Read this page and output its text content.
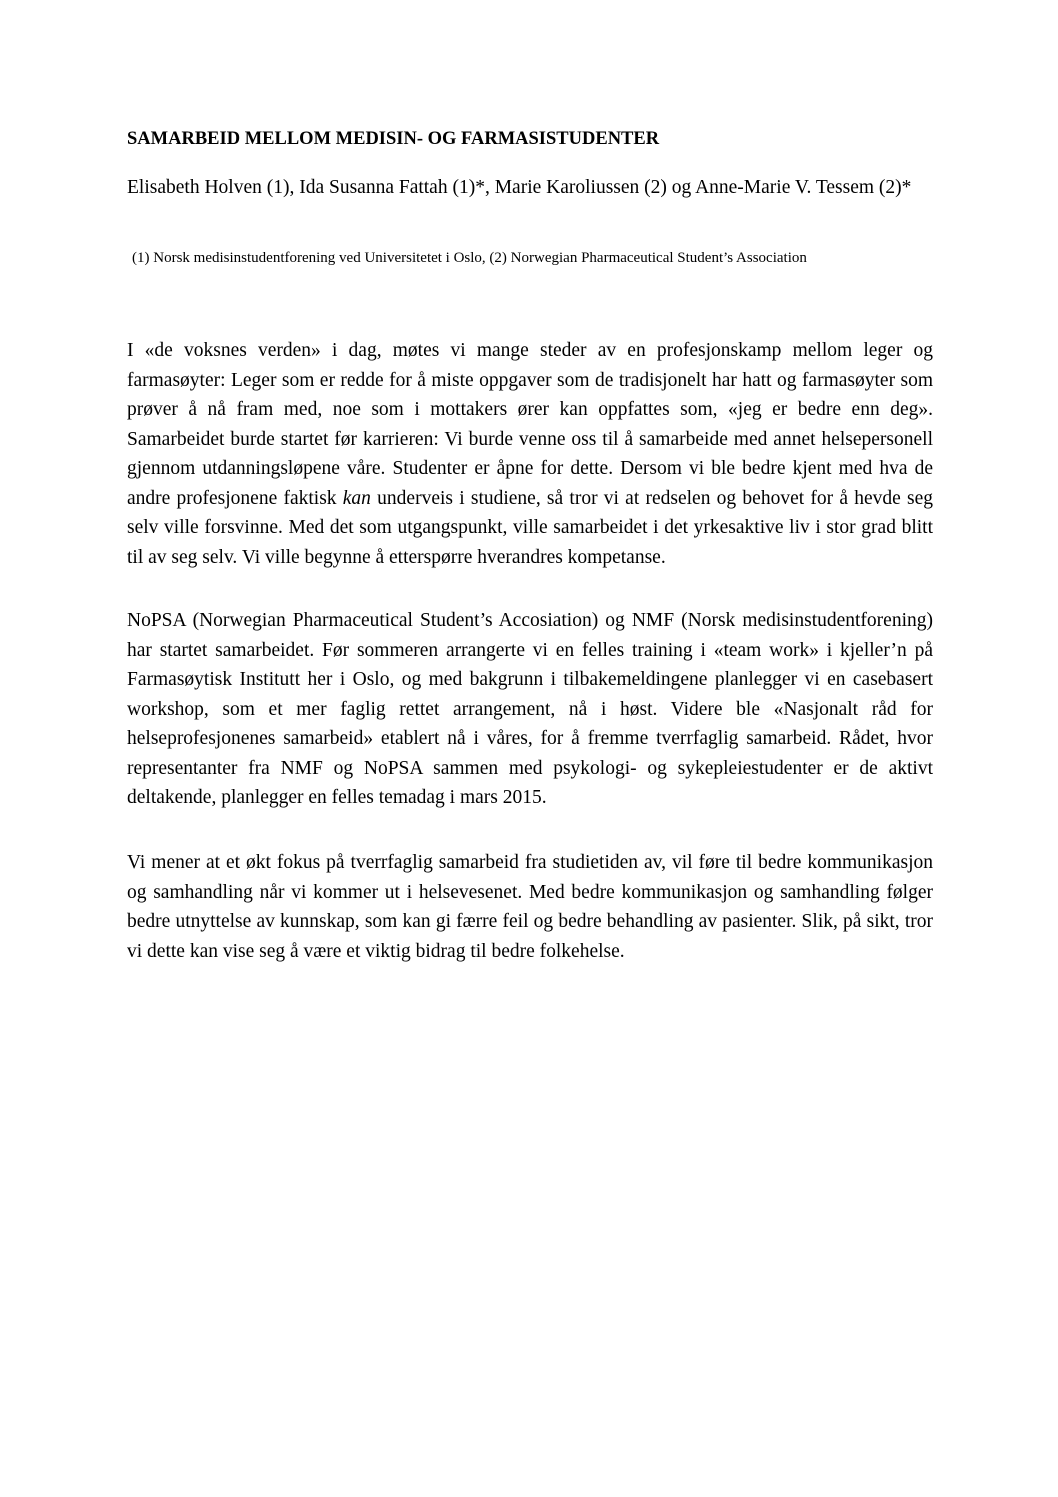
SAMARBEID MELLOM MEDISIN- OG FARMASISTUDENTER
Elisabeth Holven (1), Ida Susanna Fattah (1)*, Marie Karoliussen (2) og Anne-Marie V. Tessem (2)*
(1) Norsk medisinstudentforening ved Universitetet i Oslo, (2) Norwegian Pharmaceutical Student’s Association

I «de voksnes verden» i dag, møtes vi mange steder av en profesjonskamp mellom leger og farmasøyter: Leger som er redde for å miste oppgaver som de tradisjonelt har hatt og farmasøyter som prøver å nå fram med, noe som i mottakers ører kan oppfattes som, «jeg er bedre enn deg». Samarbeidet burde startet før karrieren: Vi burde venne oss til å samarbeide med annet helsepersonell gjennom utdanningsløpene våre. Studenter er åpne for dette. Dersom vi ble bedre kjent med hva de andre profesjonene faktisk kan underveis i studiene, så tror vi at redselen og behovet for å hevde seg selv ville forsvinne. Med det som utgangspunkt, ville samarbeidet i det yrkesaktive liv i stor grad blitt til av seg selv. Vi ville begynne å etterspørre hverandres kompetanse.

NoPSA (Norwegian Pharmaceutical Student’s Accosiation) og NMF (Norsk medisinstudentforening) har startet samarbeidet. Før sommeren arrangerte vi en felles training i «team work» i kjeller’n på Farmasøytisk Institutt her i Oslo, og med bakgrunn i tilbakemeldingene planlegger vi en casebasert workshop, som et mer faglig rettet arrangement, nå i høst. Videre ble «Nasjonalt råd for helseprofesjonenes samarbeid» etablert nå i våres, for å fremme tverrfaglig samarbeid. Rådet, hvor representanter fra NMF og NoPSA sammen med psykologi- og sykepleiestudenter er de aktivt deltakende, planlegger en felles temadag i mars 2015.

Vi mener at et økt fokus på tverrfaglig samarbeid fra studietiden av, vil føre til bedre kommunikasjon og samhandling når vi kommer ut i helsevesenet. Med bedre kommunikasjon og samhandling følger bedre utnyttelse av kunnskap, som kan gi færre feil og bedre behandling av pasienter. Slik, på sikt, tror vi dette kan vise seg å være et viktig bidrag til bedre folkehelse.
